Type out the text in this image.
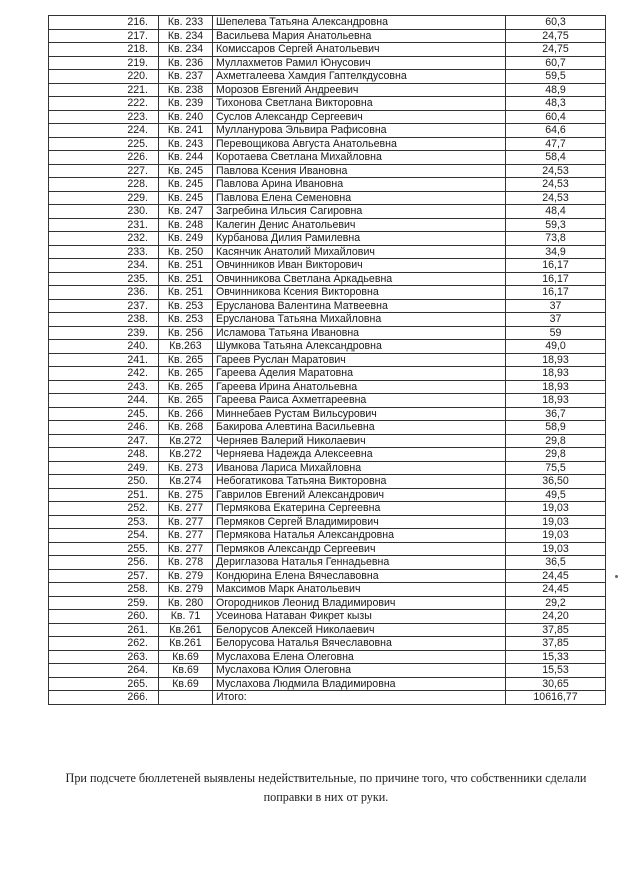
216.	Кв. 233	Шепелева Татьяна Александровна	60,3
217.	Кв. 234	Васильева Мария Анатольевна	24,75
218.	Кв. 234	Комиссаров Сергей Анатольевич	24,75
219.	Кв. 236	Муллахметов Рамил Юнусович	60,7
220.	Кв. 237	Ахметгалеева Хамдия Гаптелкдусовна	59,5
221.	Кв. 238	Морозов Евгений Андреевич	48,9
222.	Кв. 239	Тихонова Светлана Викторовна	48,3
223.	Кв. 240	Суслов Александр Сергеевич	60,4
224.	Кв. 241	Мулланурова Эльвира Рафисовна	64,6
225.	Кв. 243	Перевощикова Августа Анатольевна	47,7
226.	Кв. 244	Коротаева Светлана Михайловна	58,4
227.	Кв. 245	Павлова Ксения Ивановна	24,53
228.	Кв. 245	Павлова Арина Ивановна	24,53
229.	Кв. 245	Павлова Елена Семеновна	24,53
230.	Кв. 247	Загребина Ильсия Сагировна	48,4
231.	Кв. 248	Калегин Денис Анатольевич	59,3
232.	Кв. 249	Курбанова Дилия Рамилевна	73,8
233.	Кв. 250	Касянчик Анатолий Михайлович	34,9
234.	Кв. 251	Овчинников Иван Викторович	16,17
235.	Кв. 251	Овчинникова Светлана Аркадьевна	16,17
236.	Кв. 251	Овчинникова Ксения Викторовна	16,17
237.	Кв. 253	Ерусланова Валентина Матвеевна	37
238.	Кв. 253	Ерусланова Татьяна Михайловна	37
239.	Кв. 256	Исламова Татьяна Ивановна	59
240.	Кв.263	Шумкова Татьяна Александровна	49,0
241.	Кв. 265	Гареев Руслан Маратович	18,93
242.	Кв. 265	Гареева Аделия Маратовна	18,93
243.	Кв. 265	Гареева Ирина Анатольевна	18,93
244.	Кв. 265	Гареева Раиса Ахметгареевна	18,93
245.	Кв. 266	Миннебаев Рустам Вильсурович	36,7
246.	Кв. 268	Бакирова Алевтина Васильевна	58,9
247.	Кв.272	Черняев Валерий Николаевич	29,8
248.	Кв.272	Черняева Надежда Алексеевна	29,8
249.	Кв. 273	Иванова Лариса Михайловна	75,5
250.	Кв.274	Небогатикова Татьяна Викторовна	36,50
251.	Кв. 275	Гаврилов Евгений Александрович	49,5
252.	Кв. 277	Пермякова Екатерина Сергеевна	19,03
253.	Кв. 277	Пермяков Сергей Владимирович	19,03
254.	Кв. 277	Пермякова Наталья Александровна	19,03
255.	Кв. 277	Пермяков Александр Сергеевич	19,03
256.	Кв. 278	Дериглазова Наталья Геннадьевна	36,5
257.	Кв. 279	Кондюрина Елена Вячеславовна	24,45
258.	Кв. 279	Максимов Марк Анатольевич	24,45
259.	Кв. 280	Огородников Леонид Владимирович	29,2
260.	Кв. 71	Усеинова Натаван Фикрет кызы	24,20
261.	Кв.261	Белорусов Алексей Николаевич	37,85
262.	Кв.261	Белорусова Наталья Вячеславовна	37,85
263.	Кв.69	Муслахова Елена Олеговна	15,33
264.	Кв.69	Муслахова Юлия Олеговна	15,53
265.	Кв.69	Муслахова Людмила Владимировна	30,65
266.		Итого:	10616,77
При подсчете бюллетеней выявлены недействительные, по причине того, что собственники сделали поправки в них от руки.
